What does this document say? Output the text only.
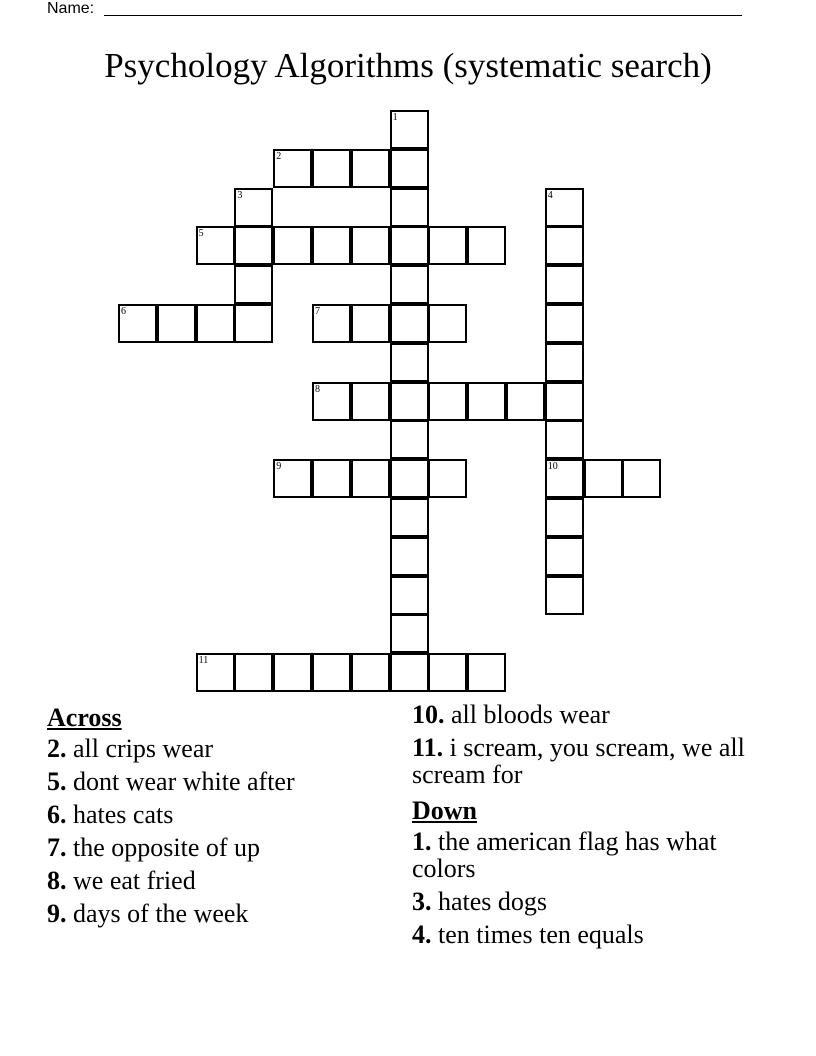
Name:
Psychology Algorithms (systematic search)
2
5
6	7
8
9	10
11
1
3	4
Across
2. all crips wear
5. dont wear white after
6. hates cats
7. the opposite of up
8. we eat fried
9. days of the week
10. all bloods wear
11. i scream, you scream, we all scream for
Down
1. the american flag has what colors
3. hates dogs
4. ten times ten equals
